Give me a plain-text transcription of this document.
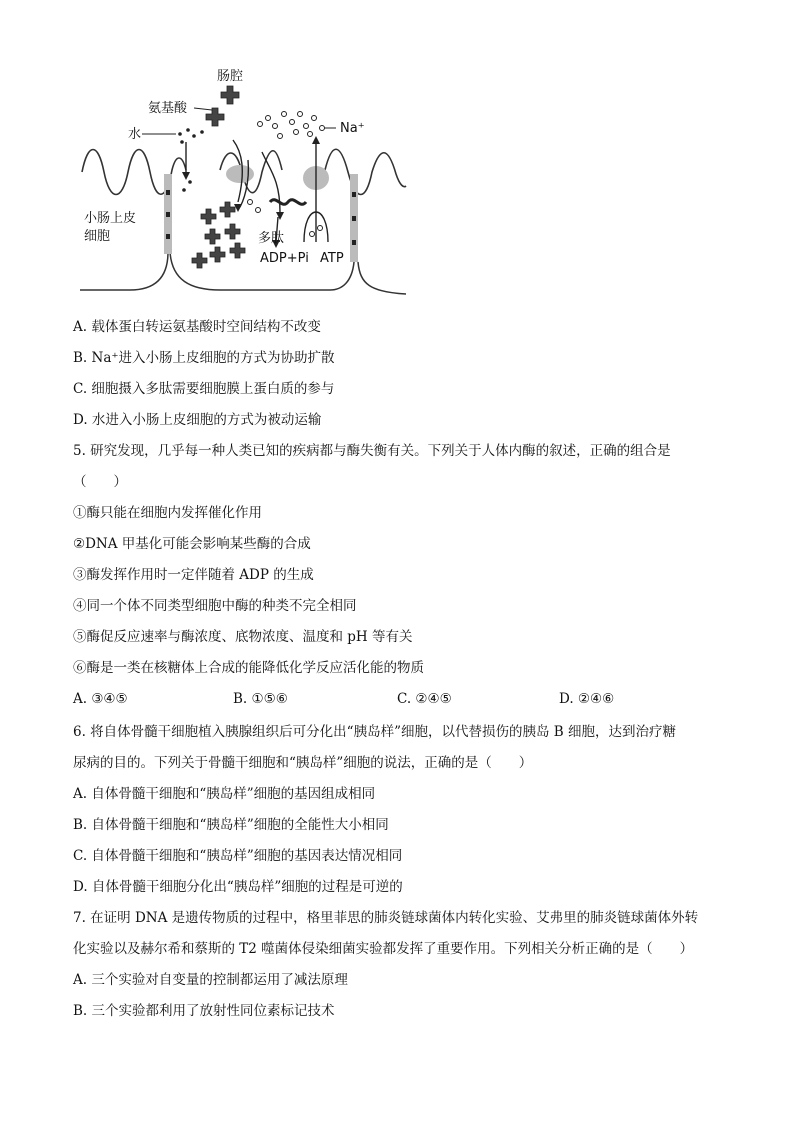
肠腔
氨基酸
水	Na⁺
小肠上皮
细胞	多肽
ADP+Pi ATP
A. 载体蛋白转运氨基酸时空间结构不改变
B. Na⁺进入小肠上皮细胞的方式为协助扩散
C. 细胞摄入多肽需要细胞膜上蛋白质的参与
D. 水进入小肠上皮细胞的方式为被动运输
5. 研究发现，几乎每一种人类已知的疾病都与酶失衡有关。下列关于人体内酶的叙述，正确的组合是
（　　）
①酶只能在细胞内发挥催化作用
②DNA 甲基化可能会影响某些酶的合成
③酶发挥作用时一定伴随着 ADP 的生成
④同一个体不同类型细胞中酶的种类不完全相同
⑤酶促反应速率与酶浓度、底物浓度、温度和 pH 等有关
⑥酶是一类在核糖体上合成的能降低化学反应活化能的物质
A. ③④⑤	B. ①⑤⑥	C. ②④⑤	D. ②④⑥
6. 将自体骨髓干细胞植入胰腺组织后可分化出“胰岛样”细胞，以代替损伤的胰岛 B 细胞，达到治疗糖
尿病的目的。下列关于骨髓干细胞和“胰岛样”细胞的说法，正确的是（　　）
A. 自体骨髓干细胞和“胰岛样”细胞的基因组成相同
B. 自体骨髓干细胞和“胰岛样”细胞的全能性大小相同
C. 自体骨髓干细胞和“胰岛样”细胞的基因表达情况相同
D. 自体骨髓干细胞分化出“胰岛样”细胞的过程是可逆的
7. 在证明 DNA 是遗传物质的过程中，格里菲思的肺炎链球菌体内转化实验、艾弗里的肺炎链球菌体外转
化实验以及赫尔希和蔡斯的 T2 噬菌体侵染细菌实验都发挥了重要作用。下列相关分析正确的是（　　）
A. 三个实验对自变量的控制都运用了减法原理
B. 三个实验都利用了放射性同位素标记技术
